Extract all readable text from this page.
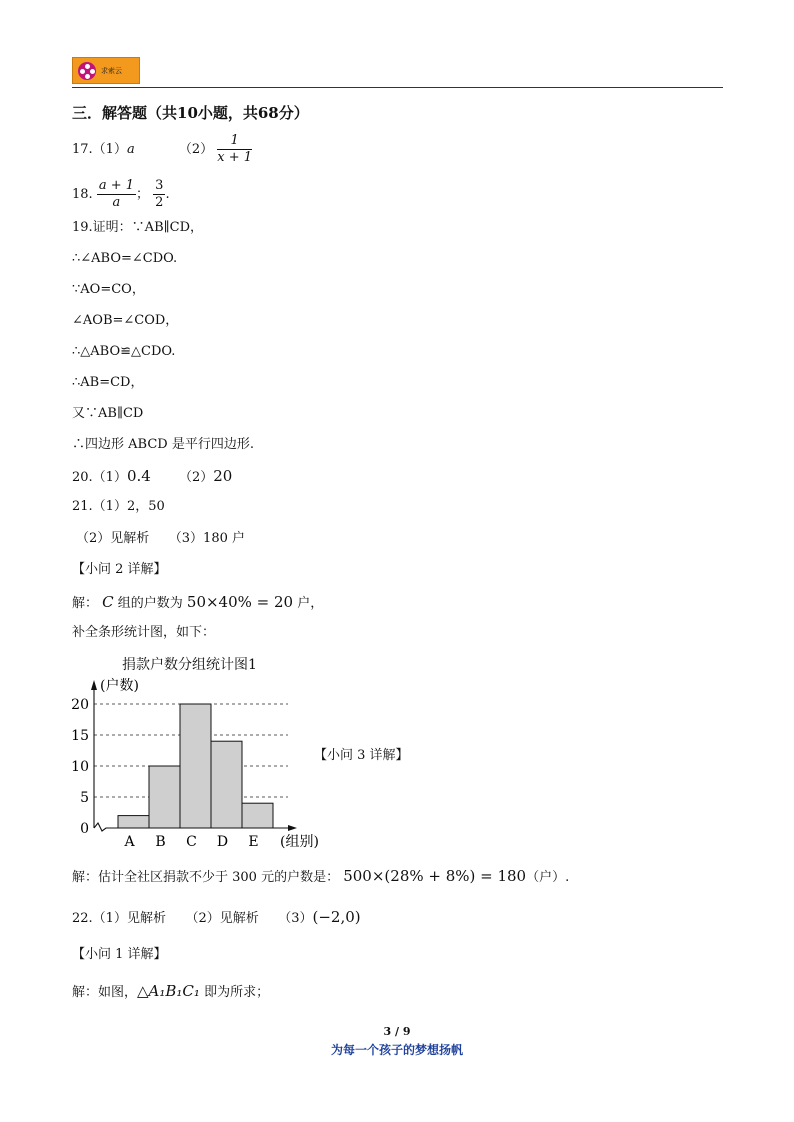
求索云
三．解答题（共10小题，共68分）
17.（1）a	$(2) \frac{1}{x + 1}$
18. $\frac{a + 1}{a}$ ； $\frac{3}{2}$ .
19.证明：∵AB∥CD，
∴∠ABO=∠CDO.
∵AO=CO，
∠AOB=∠COD，
∴△ABO≌△CDO.
∴AB=CD，
又∵AB∥CD
∴四边形 ABCD 是平行四边形.
20.（1）0.4 （2）20
21.（1）2，50
（2）见解析　　（3）180 户
【小问 2 详解】
解： C 组的户数为 50×40% = 20 户，
补全条形统计图，如下：
捐款户数分组统计图1
0
5
10
15
20
(户数)
A B C D E (组别)
【小问 3 详解】
解：估计全社区捐款不少于 300 元的户数是： 500×(28% + 8%) = 180（户）.
22.（1）见解析　　（2）见解析　　（3）(−2,0)
【小问 1 详解】
解：如图，△A₁B₁C₁ 即为所求；
3 / 9
为每一个孩子的梦想扬帆
